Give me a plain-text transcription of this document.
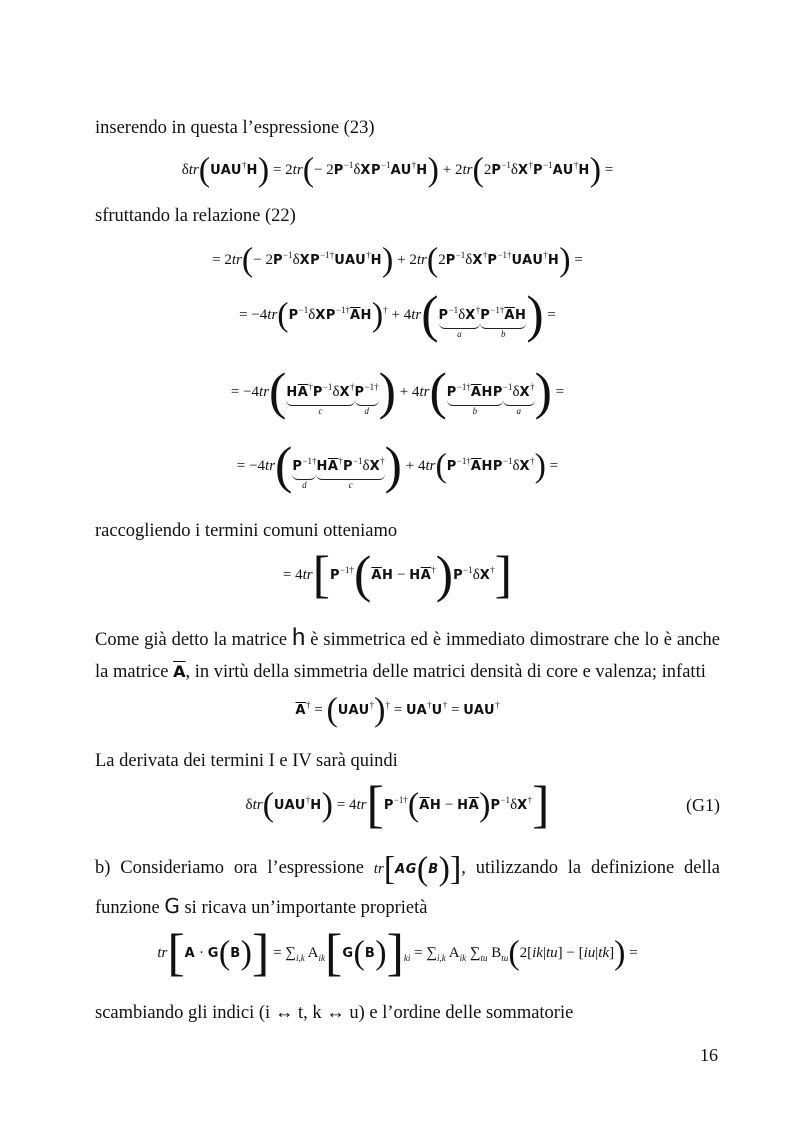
inserendo in questa l’espressione (23)

$\delta tr(UAU^\dagger H) = 2tr(- 2P^{-1}\delta XP^{-1}AU^\dagger H) + 2tr(2P^{-1}\delta X^\dagger P^{-1}AU^\dagger H)$ =

sfruttando la relazione (22)

= $2tr(- 2P^{-1}\delta XP^{-1\dagger}UAU^\dagger H) + 2tr(2P^{-1}\delta X^\dagger P^{-1\dagger}UAU^\dagger H)$ =
= $-4tr(P^{-1}\delta XP^{-1\dagger}\overline{A}H)^\dagger + 4tr(P^{-1}\delta X^\dagger$
a
$P^{-1\dagger}\overline{A}H$
b ) =
= $-4tr(H\overline{A}^\dagger P^{-1}\delta X^\dagger$
c
$P^{-1\dagger}$
d ) + $4tr(P^{-1\dagger}\overline{A}HP$
b
$^{-1}$δX†
a ) =
= $-4tr(P^{-1\dagger}$
d
$H\overline{A}^\dagger P^{-1}\delta X^\dagger$
c ) + $4tr(P^{-1\dagger}\overline{A}HP^{-1}\delta X^\dagger)$ =

raccogliendo i termini comuni otteniamo

= $4tr[P^{-1\dagger}(\overline{A}H - H\overline{A}^\dagger)P^{-1}\delta X^\dagger]$

Come già detto la matrice h è simmetrica ed è immediato dimostrare che lo è anche la matrice $\overline{A}$, in virtù della simmetria delle matrici densità di core e valenza; infatti

$\overline{A}^\dagger = (UAU^\dagger)^\dagger = UA^\dagger U^\dagger = UAU^\dagger$

La derivata dei termini I e IV sarà quindi

$\delta tr(UAU^\dagger H) = 4tr[P^{-1\dagger}(\overline{A}H - H\overline{A})P^{-1}\delta X^\dagger]$	(G1)

b) Consideriamo ora l’espressione tr[AG(B)], utilizzando la definizione della funzione G si ricava un’importante proprietà

$tr[A \cdot G(B)] = \sum_{i,k}$ $A_{ik}[G(B)]_{ki} = \sum_{i,k}$ $A_{ik}$ $\sum_{tu}$ $B_{tu}(2[ik|tu] - [iu|tk])$ =

scambiando gli indici (i ↔ t, k ↔ u) e l’ordine delle sommatorie

16
